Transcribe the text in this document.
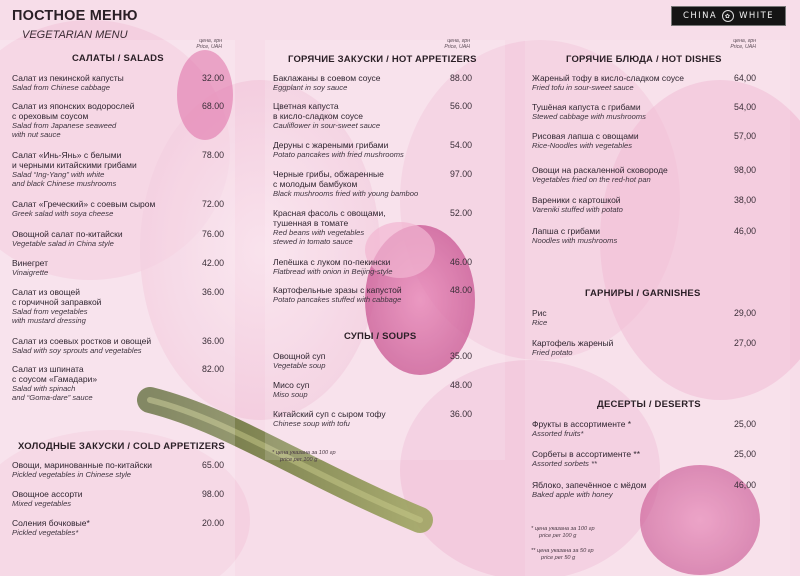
ПОСТНОЕ МЕНЮ
VEGETARIAN MENU
CHINA	✿ WHITE
цена, грн
Price, UAH
цена, грн
Price, UAH
цена, грн
Price, UAH
САЛАТЫ / SALADS
ХОЛОДНЫЕ ЗАКУСКИ / COLD APPETIZERS
ГОРЯЧИЕ ЗАКУСКИ / HOT APPETIZERS
СУПЫ / SOUPS
ГОРЯЧИЕ БЛЮДА / HOT DISHES
ГАРНИРЫ / GARNISHES
ДЕСЕРТЫ / DESERTS
* цена указана за 100 гр
price per 100 g
* цена указана за 100 гр
price per 100 g
** цена указана за 50 гр
price per 50 g
Салат из пекинской капусты
Salad from Chinese cabbage
32.00
Салат из японских водорослей
с ореховым соусом
Salad from Japanese seaweed
with nut sauce
68.00
Салат «Инь-Янь» с белыми
и черными китайскими грибами
Salad “Ing-Yang” with white
and black Chinese mushrooms
78.00
Салат «Греческий» с соевым сыром
Greek salad with soya cheese
72.00
Овощной салат по-китайски
Vegetable salad in China style
76.00
Винегрет
Vinaigrette
42.00
Салат из овощей
с горчичной заправкой
Salad from vegetables
with mustard dressing
36.00
Салат из соевых ростков и овощей
Salad with soy sprouts and vegetables
36.00
Салат из шпината
с соусом «Гамадари»
Salad with spinach
and “Goma-dare” sauce
82.00
Овощи, маринованные по-китайски
Pickled vegetables in Chinese style
65.00
Овощное ассорти
Mixed vegetables
98.00
Соления бочковые*
Pickled vegetables*
20.00
Баклажаны в соевом соусе
Eggplant in soy sauce
88.00
Цветная капуста
в кисло-сладком соусе
Cauliflower in sour-sweet sauce
56.00
Деруны с жареными грибами
Potato pancakes with fried mushrooms
54.00
Черные грибы, обжаренные
с молодым бамбуком
Black mushrooms fried with young bamboo
97.00
Красная фасоль с овощами,
тушенная в томате
Red beans with vegetables
stewed in tomato sauce
52.00
Лепёшка с луком по-пекински
Flatbread with onion in Beijing-style
46.00
Картофельные зразы с капустой
Potato pancakes stuffed with cabbage
48.00
Овощной суп
Vegetable soup
35.00
Мисо суп
Miso soup
48.00
Китайский суп с сыром тофу
Chinese soup with tofu
36.00
Жареный тофу в кисло-сладком соусе
Fried tofu in sour-sweet sauce
64,00
Тушёная капуста с грибами
Stewed cabbage with mushrooms
54,00
Рисовая лапша с овощами
Rice-Noodles with vegetables
57,00
Овощи на раскаленной сковороде
Vegetables fried on the red-hot pan
98,00
Вареники с картошкой
Vareniki stuffed with potato
38,00
Лапша с грибами
Noodles with mushrooms
46,00
Рис
Rice
29,00
Картофель жареный
Fried potato
27,00
Фрукты в ассортименте *
Assorted fruits*
25,00
Сорбеты в ассортименте **
Assorted sorbets **
25,00
Яблоко, запечённое с мёдом
Baked apple with honey
46,00
